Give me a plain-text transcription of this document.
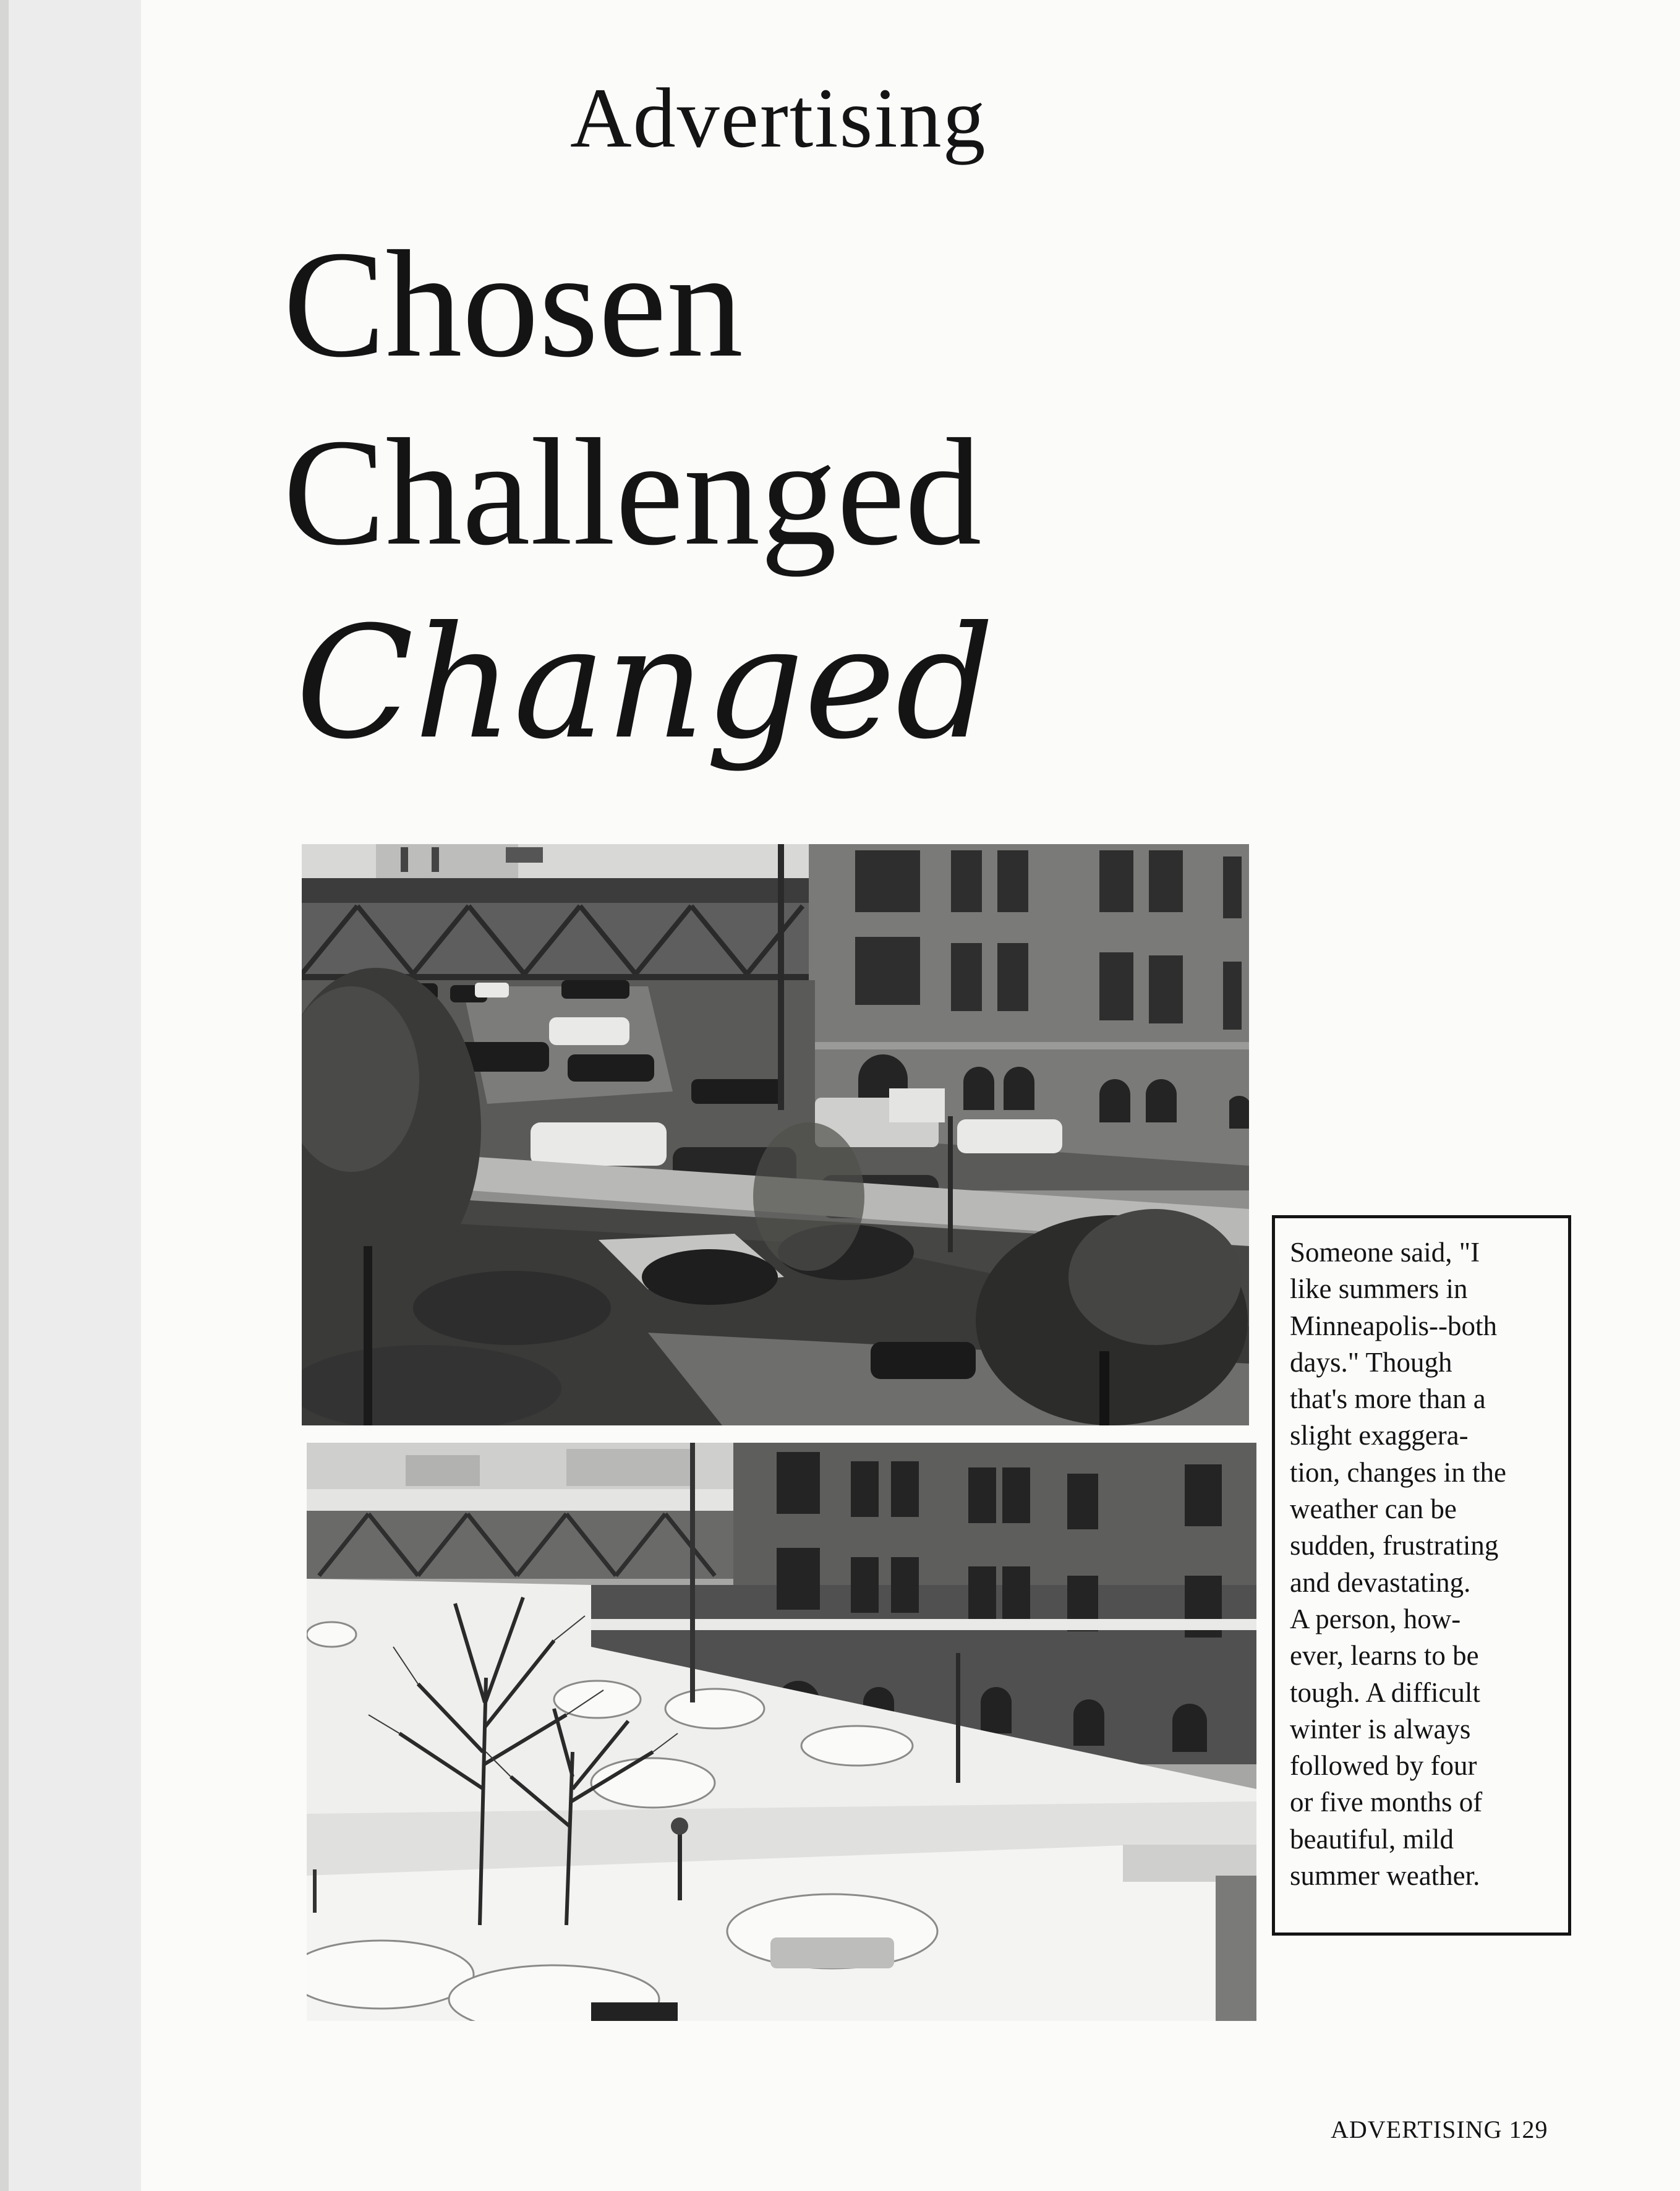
Advertising
Chosen
Challenged
Changed

Someone said, "I
like summers in
Minneapolis--both
days." Though
that's more than a
slight exaggera-
tion, changes in the
weather can be
sudden, frustrating
and devastating.
A person, how-
ever, learns to be
tough. A difficult
winter is always
followed by four
or five months of
beautiful, mild
summer weather.

ADVERTISING 129
